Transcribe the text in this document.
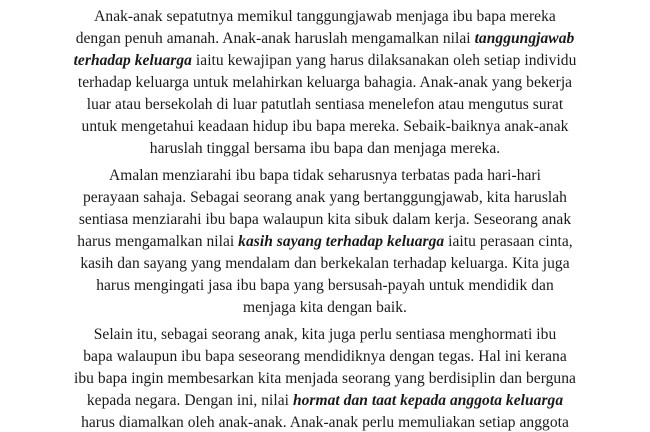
Anak-anak sepatutnya memikul tanggungjawab menjaga ibu bapa mereka
dengan penuh amanah. Anak-anak haruslah mengamalkan nilai tanggungjawab
terhadap keluarga iaitu kewajipan yang harus dilaksanakan oleh setiap individu
terhadap keluarga untuk melahirkan keluarga bahagia. Anak-anak yang bekerja
luar atau bersekolah di luar patutlah sentiasa menelefon atau mengutus surat
untuk mengetahui keadaan hidup ibu bapa mereka. Sebaik-baiknya anak-anak
haruslah tinggal bersama ibu bapa dan menjaga mereka.
Amalan menziarahi ibu bapa tidak seharusnya terbatas pada hari-hari
perayaan sahaja. Sebagai seorang anak yang bertanggungjawab, kita haruslah
sentiasa menziarahi ibu bapa walaupun kita sibuk dalam kerja. Seseorang anak
harus mengamalkan nilai kasih sayang terhadap keluarga iaitu perasaan cinta,
kasih dan sayang yang mendalam dan berkekalan terhadap keluarga. Kita juga
harus mengingati jasa ibu bapa yang bersusah-payah untuk mendidik dan
menjaga kita dengan baik.
Selain itu, sebagai seorang anak, kita juga perlu sentiasa menghormati ibu
bapa walaupun ibu bapa seseorang mendidiknya dengan tegas. Hal ini kerana
ibu bapa ingin membesarkan kita menjada seorang yang berdisiplin dan berguna
kepada negara. Dengan ini, nilai hormat dan taat kepada anggota keluarga
harus diamalkan oleh anak-anak. Anak-anak perlu memuliakan setiap anggota
